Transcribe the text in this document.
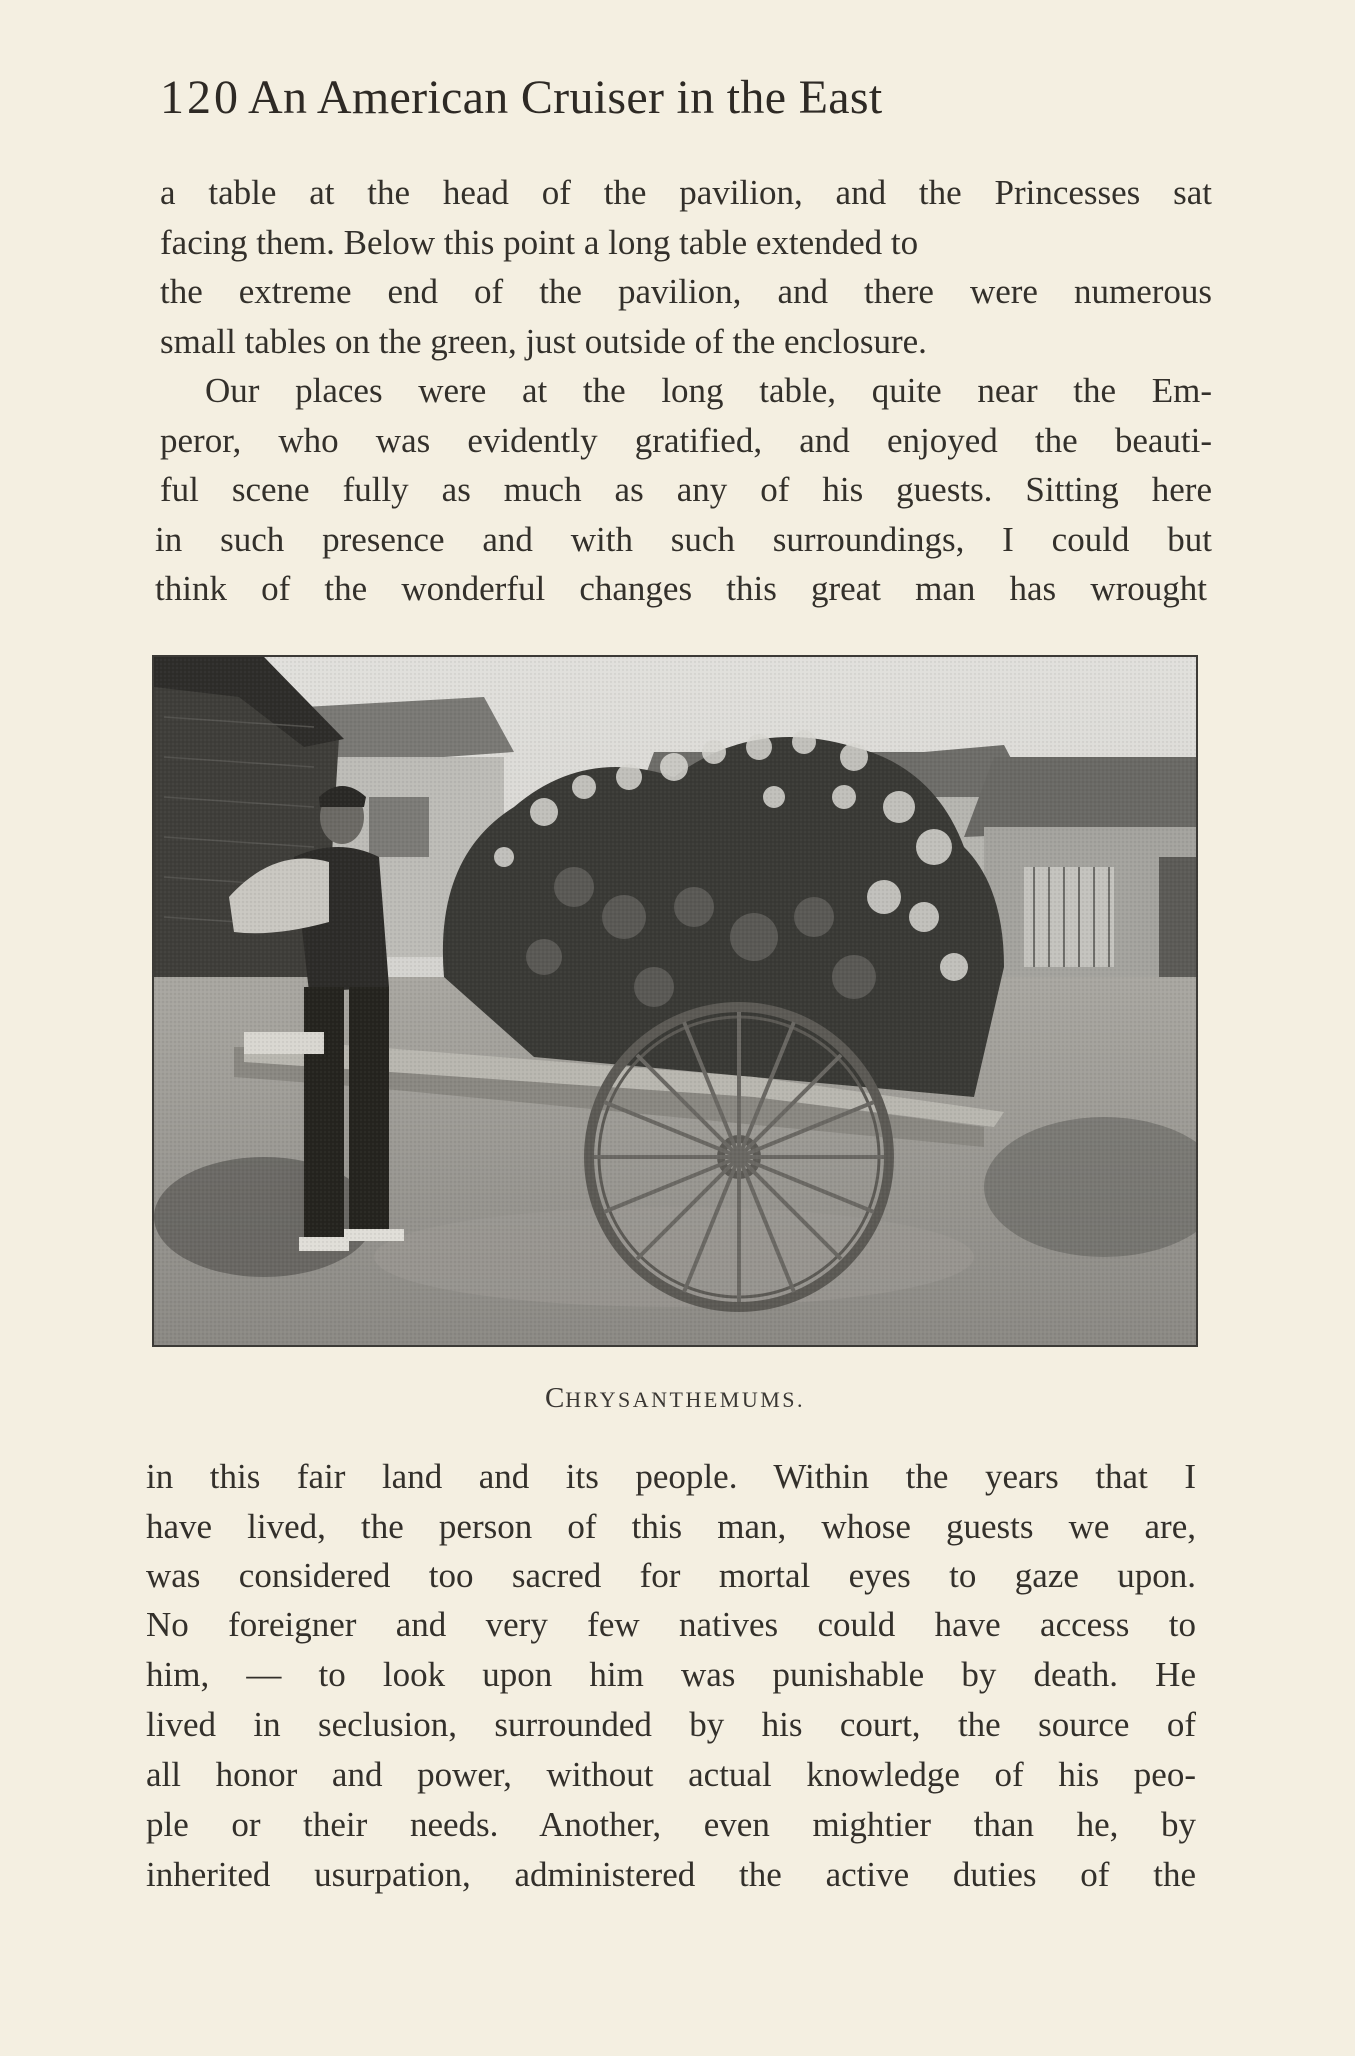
120 An American Cruiser in the East
a table at the head of the pavilion, and the Princesses sat
facing them. Below this point a long table extended to
the extreme end of the pavilion, and there were numerous
small tables on the green, just outside of the enclosure.
Our places were at the long table, quite near the Em-
peror, who was evidently gratified, and enjoyed the beauti-
ful scene fully as much as any of his guests. Sitting here
in such presence and with such surroundings, I could but
think of the wonderful changes this great man has wrought
CHRYSANTHEMUMS.
in this fair land and its people. Within the years that I
have lived, the person of this man, whose guests we are,
was considered too sacred for mortal eyes to gaze upon.
No foreigner and very few natives could have access to
him, — to look upon him was punishable by death. He
lived in seclusion, surrounded by his court, the source of
all honor and power, without actual knowledge of his peo-
ple or their needs. Another, even mightier than he, by
inherited usurpation, administered the active duties of the
